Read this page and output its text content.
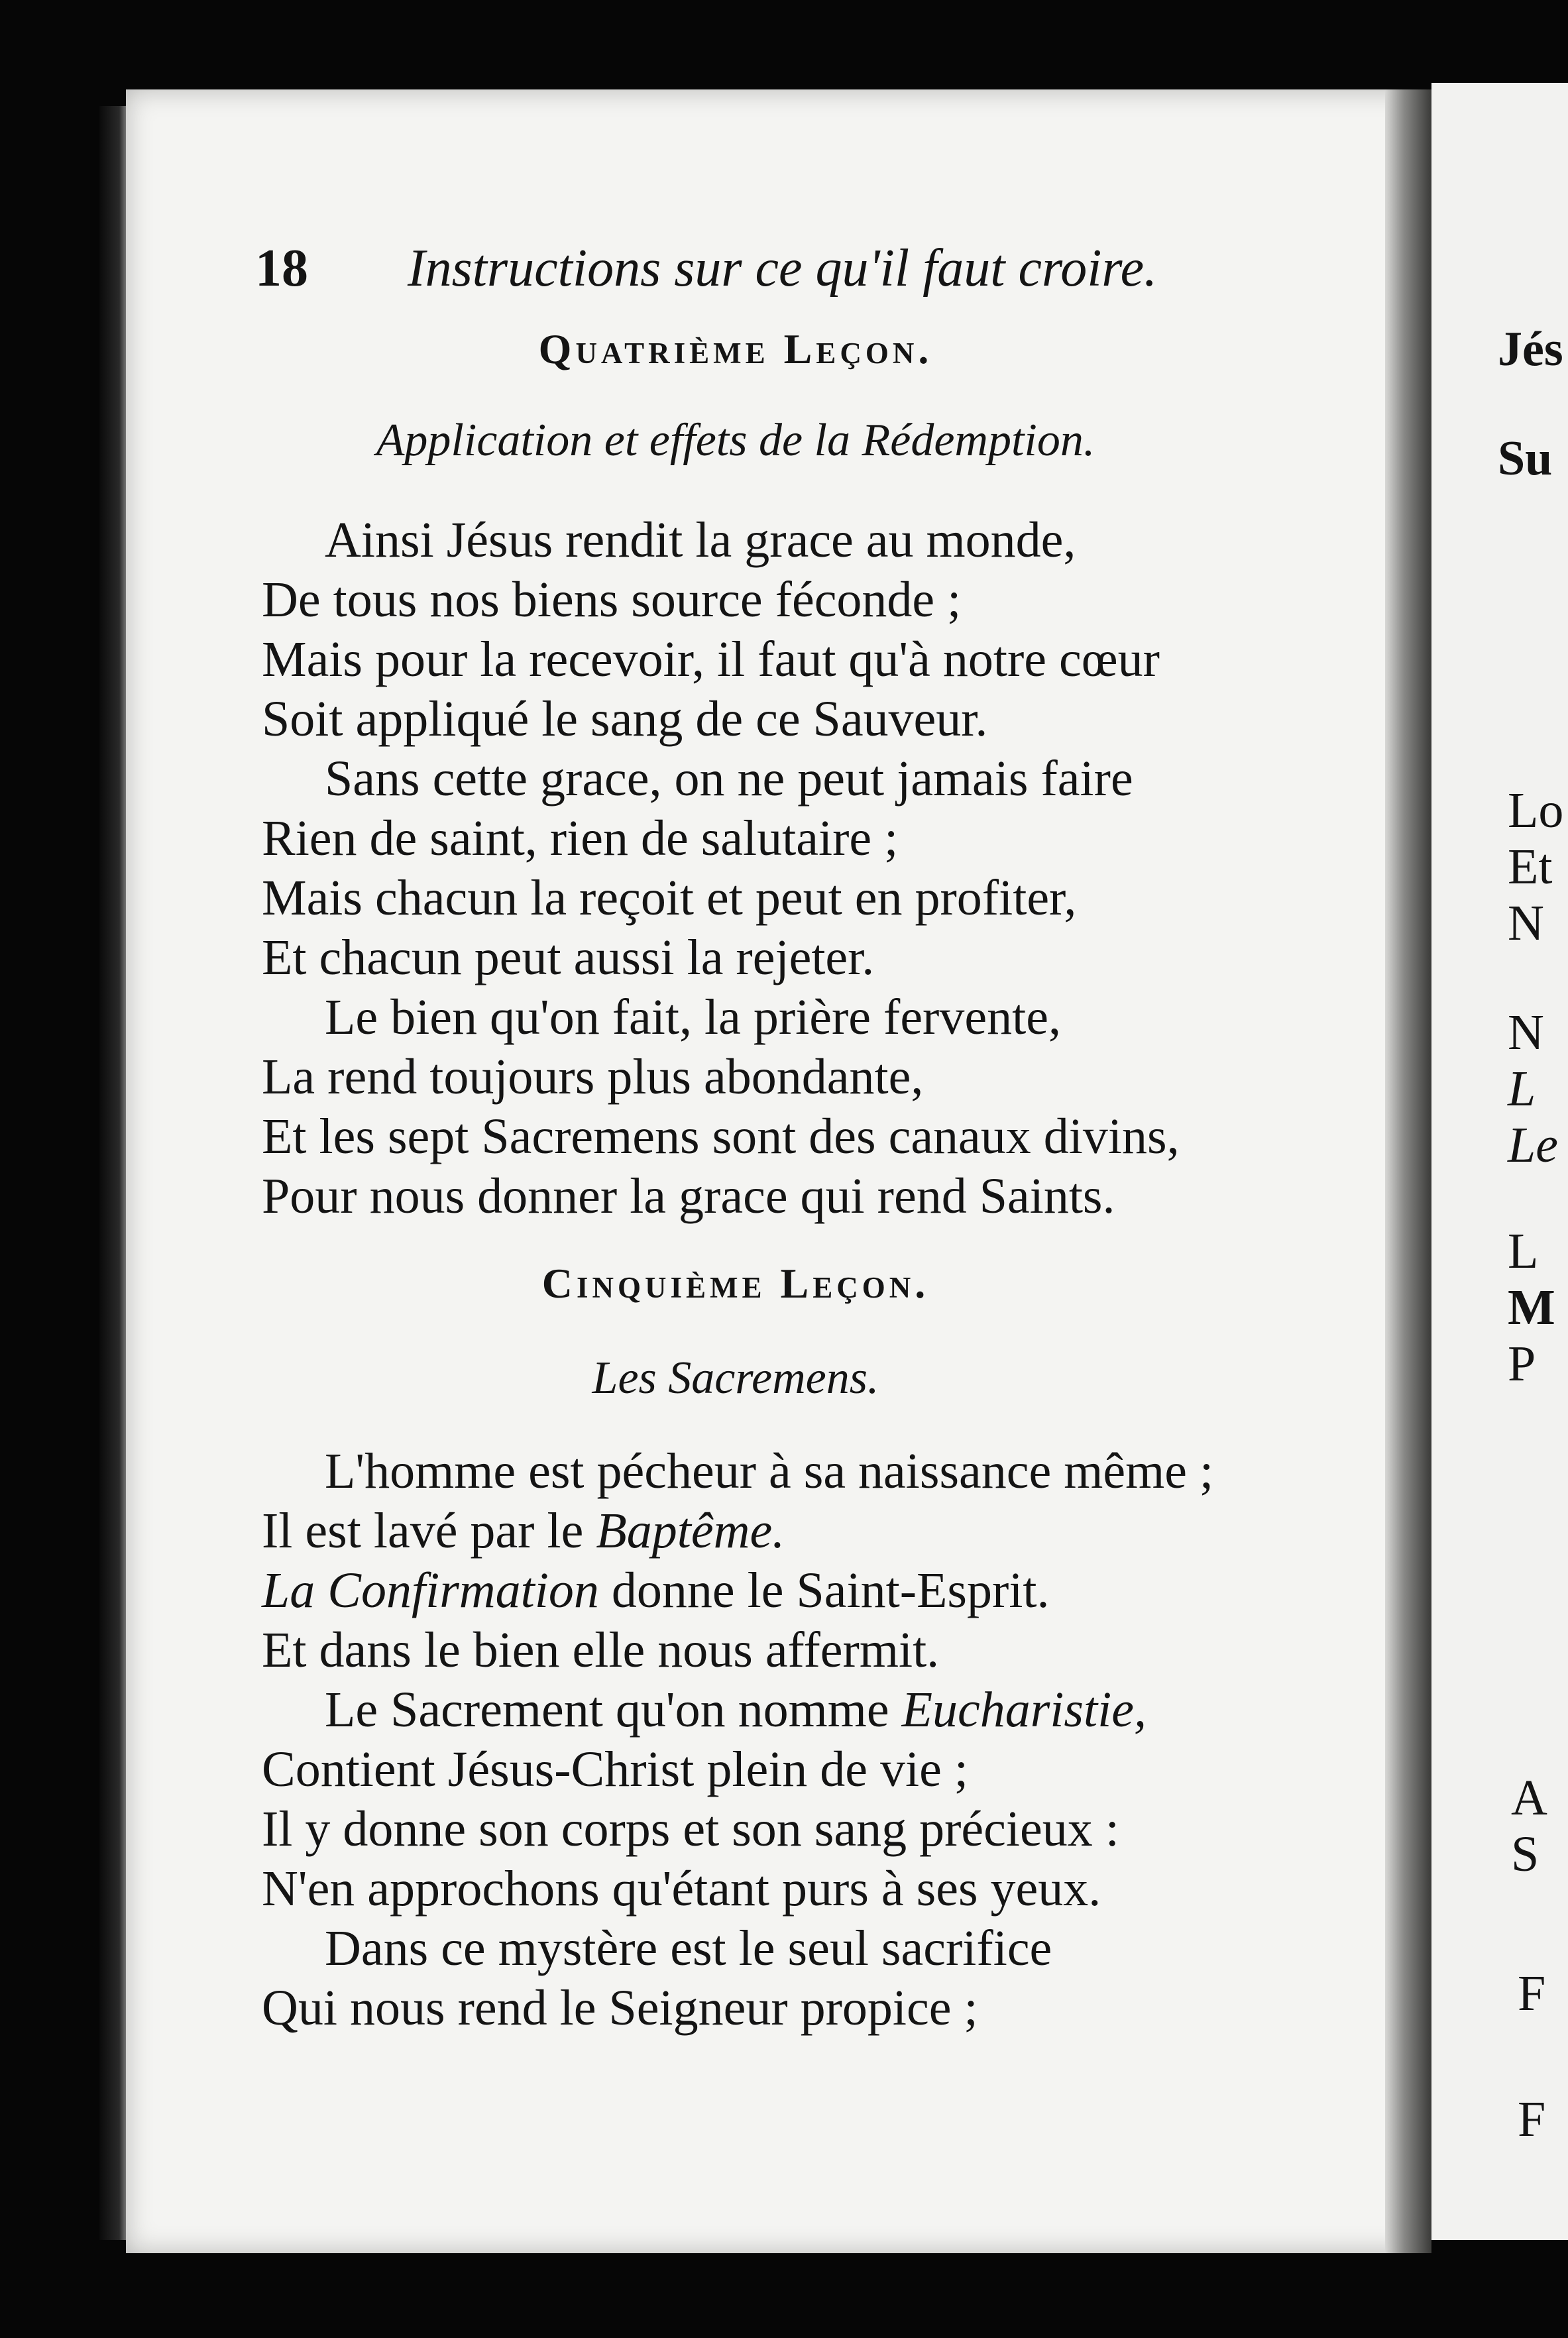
Jés
Su
Lo
Et
N
N
L
Le
L
M
P
A
S
F
F
18 Instructions sur ce qu'il faut croire.
Quatrième Leçon.
Application et effets de la Rédemption.
Ainsi Jésus rendit la grace au monde,
De tous nos biens source féconde ;
Mais pour la recevoir, il faut qu'à notre cœur
Soit appliqué le sang de ce Sauveur.
Sans cette grace, on ne peut jamais faire
Rien de saint, rien de salutaire ;
Mais chacun la reçoit et peut en profiter,
Et chacun peut aussi la rejeter.
Le bien qu'on fait, la prière fervente,
La rend toujours plus abondante,
Et les sept Sacremens sont des canaux divins,
Pour nous donner la grace qui rend Saints.
Cinquième Leçon.
Les Sacremens.
L'homme est pécheur à sa naissance même ;
Il est lavé par le Baptême.
La Confirmation donne le Saint-Esprit.
Et dans le bien elle nous affermit.
Le Sacrement qu'on nomme Eucharistie,
Contient Jésus-Christ plein de vie ;
Il y donne son corps et son sang précieux :
N'en approchons qu'étant purs à ses yeux.
Dans ce mystère est le seul sacrifice
Qui nous rend le Seigneur propice ;
